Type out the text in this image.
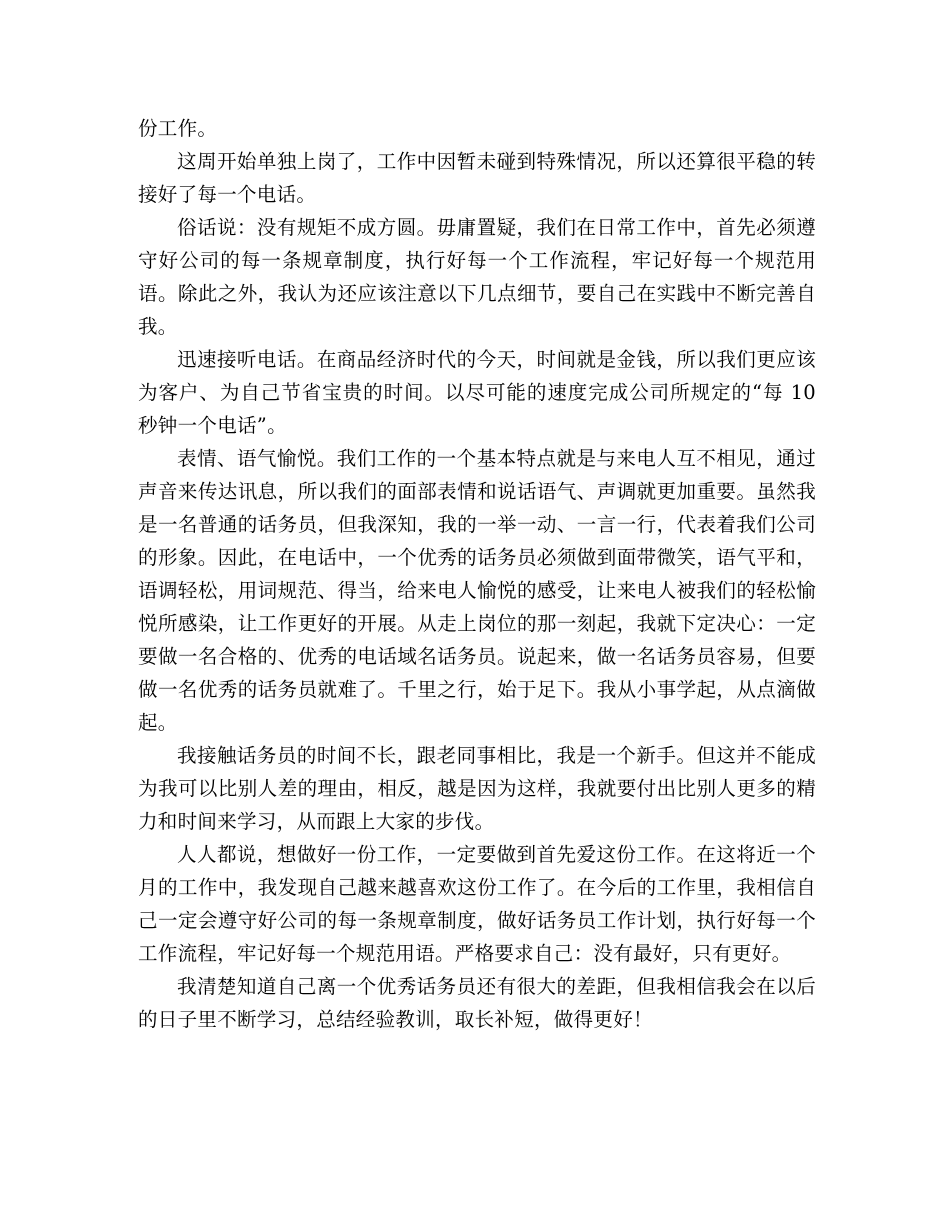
份工作。

这周开始单独上岗了，工作中因暂未碰到特殊情况，所以还算很平稳的转接好了每一个电话。

俗话说：没有规矩不成方圆。毋庸置疑，我们在日常工作中，首先必须遵守好公司的每一条规章制度，执行好每一个工作流程，牢记好每一个规范用语。除此之外，我认为还应该注意以下几点细节，要自己在实践中不断完善自我。

迅速接听电话。在商品经济时代的今天，时间就是金钱，所以我们更应该为客户、为自己节省宝贵的时间。以尽可能的速度完成公司所规定的“每 10 秒钟一个电话”。

表情、语气愉悦。我们工作的一个基本特点就是与来电人互不相见，通过声音来传达讯息，所以我们的面部表情和说话语气、声调就更加重要。虽然我是一名普通的话务员，但我深知，我的一举一动、一言一行，代表着我们公司的形象。因此，在电话中，一个优秀的话务员必须做到面带微笑，语气平和，语调轻松，用词规范、得当，给来电人愉悦的感受，让来电人被我们的轻松愉悦所感染，让工作更好的开展。从走上岗位的那一刻起，我就下定决心：一定要做一名合格的、优秀的电话域名话务员。说起来，做一名话务员容易，但要做一名优秀的话务员就难了。千里之行，始于足下。我从小事学起，从点滴做起。

我接触话务员的时间不长，跟老同事相比，我是一个新手。但这并不能成为我可以比别人差的理由，相反，越是因为这样，我就要付出比别人更多的精力和时间来学习，从而跟上大家的步伐。

人人都说，想做好一份工作，一定要做到首先爱这份工作。在这将近一个月的工作中，我发现自己越来越喜欢这份工作了。在今后的工作里，我相信自己一定会遵守好公司的每一条规章制度，做好话务员工作计划，执行好每一个工作流程，牢记好每一个规范用语。严格要求自己：没有最好，只有更好。

我清楚知道自己离一个优秀话务员还有很大的差距，但我相信我会在以后的日子里不断学习，总结经验教训，取长补短，做得更好！
